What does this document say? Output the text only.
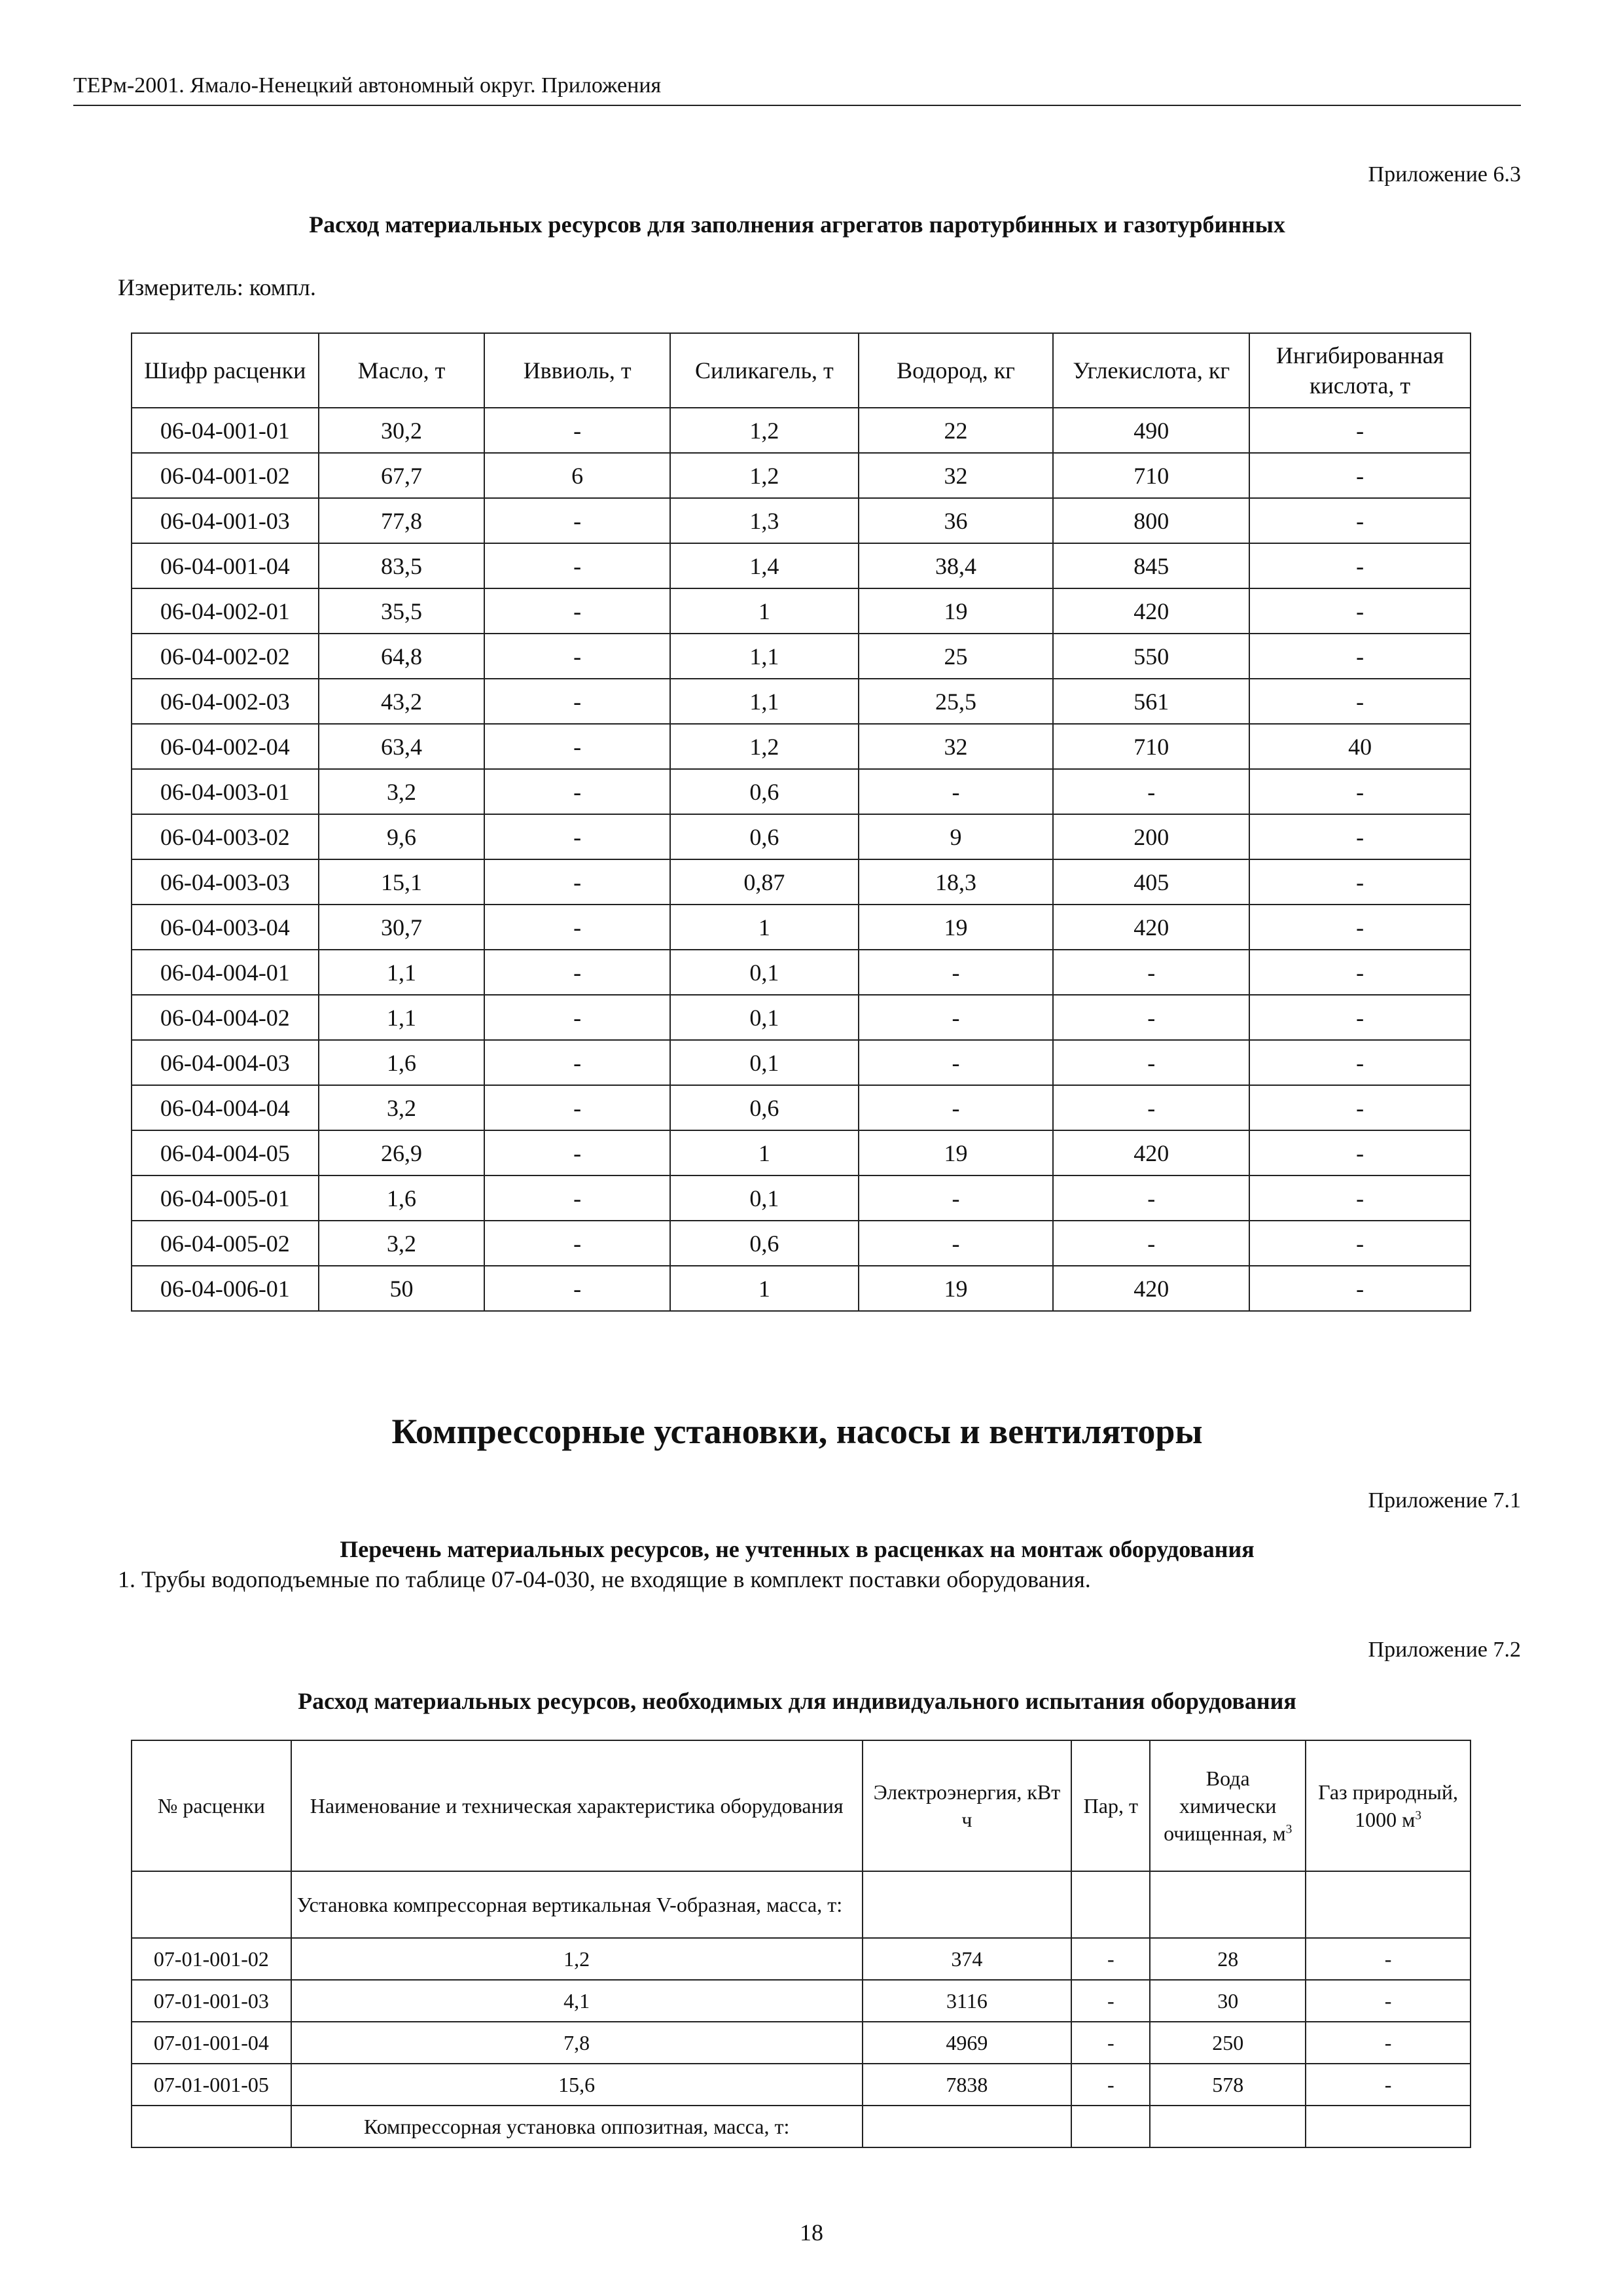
ТЕРм-2001. Ямало-Ненецкий автономный округ. Приложения
Приложение 6.3
Расход материальных ресурсов для заполнения агрегатов паротурбинных и газотурбинных
Измеритель: компл.
Шифр расценки	Масло, т	Иввиоль, т	Силикагель, т	Водород, кг	Углекислота, кг	Ингибированная кислота, т
06-04-001-01	30,2	-	1,2	22	490	-
06-04-001-02	67,7	6	1,2	32	710	-
06-04-001-03	77,8	-	1,3	36	800	-
06-04-001-04	83,5	-	1,4	38,4	845	-
06-04-002-01	35,5	-	1	19	420	-
06-04-002-02	64,8	-	1,1	25	550	-
06-04-002-03	43,2	-	1,1	25,5	561	-
06-04-002-04	63,4	-	1,2	32	710	40
06-04-003-01	3,2	-	0,6	-	-	-
06-04-003-02	9,6	-	0,6	9	200	-
06-04-003-03	15,1	-	0,87	18,3	405	-
06-04-003-04	30,7	-	1	19	420	-
06-04-004-01	1,1	-	0,1	-	-	-
06-04-004-02	1,1	-	0,1	-	-	-
06-04-004-03	1,6	-	0,1	-	-	-
06-04-004-04	3,2	-	0,6	-	-	-
06-04-004-05	26,9	-	1	19	420	-
06-04-005-01	1,6	-	0,1	-	-	-
06-04-005-02	3,2	-	0,6	-	-	-
06-04-006-01	50	-	1	19	420	-
Компрессорные установки, насосы и вентиляторы
Приложение 7.1
Перечень материальных ресурсов, не учтенных в расценках на монтаж оборудования
1. Трубы водоподъемные по таблице 07-04-030, не входящие в комплект поставки оборудования.
Приложение 7.2
Расход материальных ресурсов, необходимых для индивидуального испытания оборудования
№ расценки	Наименование и техническая характеристика оборудования	Электроэнергия, кВт ч	Пар, т	Вода химически очищенная, $м^3$	Газ природный, 1000 $м^3$
	Установка компрессорная вертикальная V-образная, масса, т:				
07-01-001-02	1,2	374	-	28	-
07-01-001-03	4,1	3116	-	30	-
07-01-001-04	7,8	4969	-	250	-
07-01-001-05	15,6	7838	-	578	-
	Компрессорная установка оппозитная, масса, т:				
18
